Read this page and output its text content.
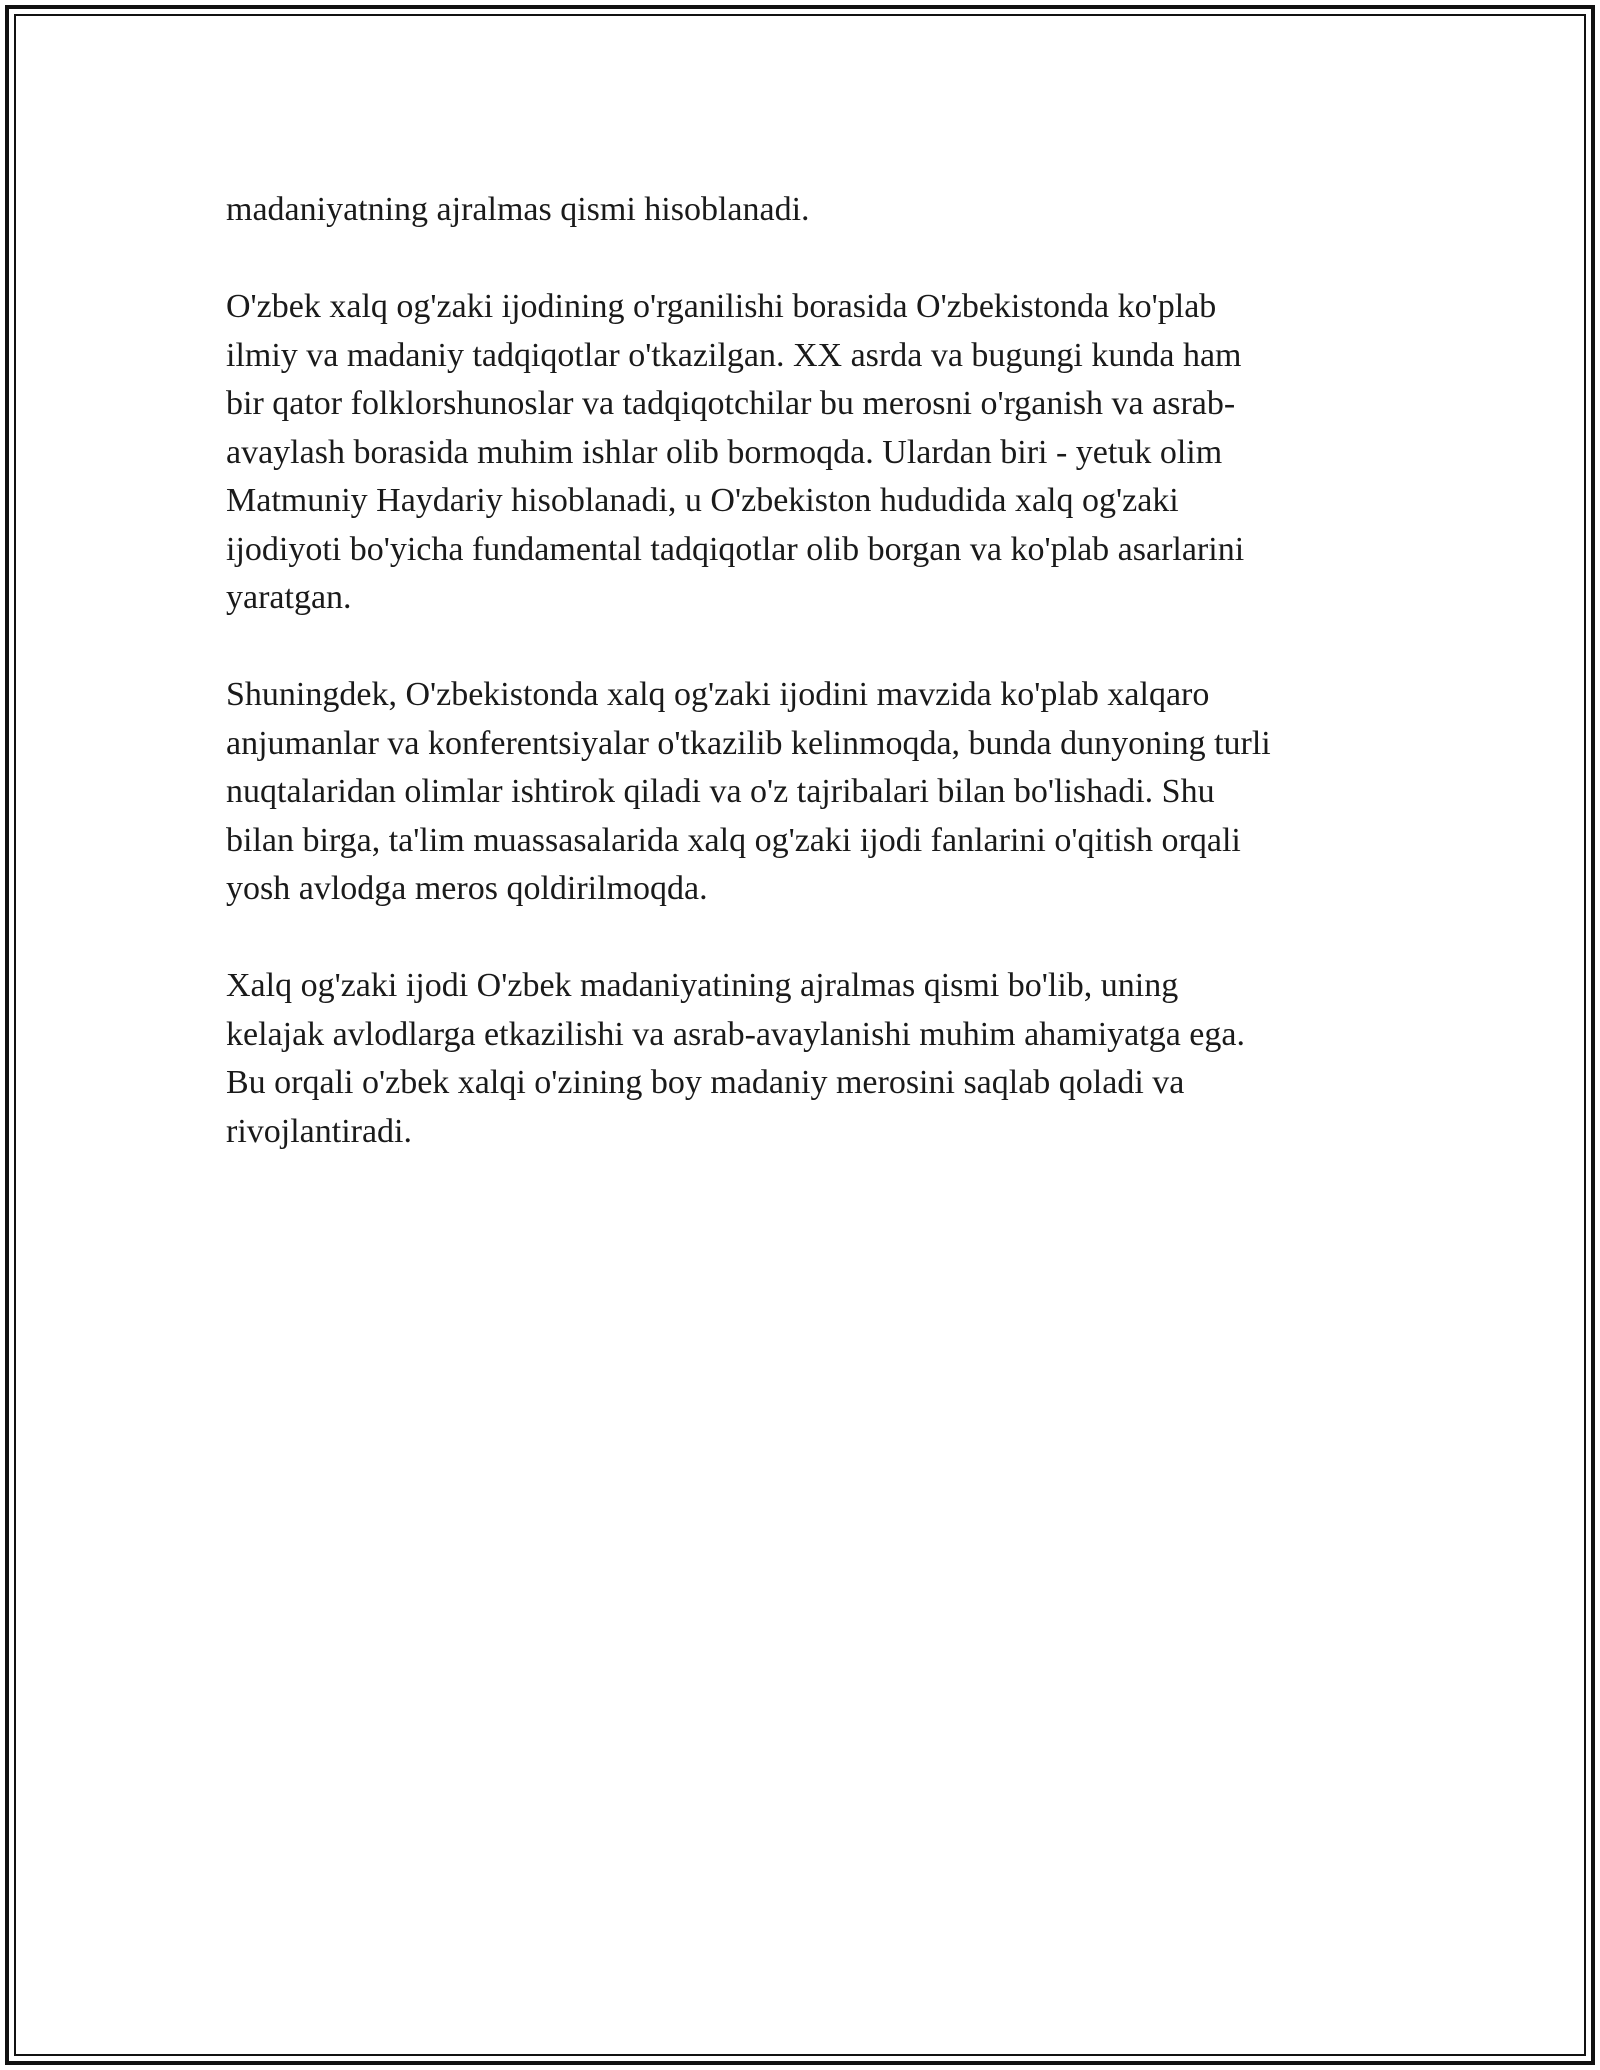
madaniyatning ajralmas qismi hisoblanadi.

O'zbek xalq og'zaki ijodining o'rganilishi borasida O'zbekistonda ko'plab
ilmiy va madaniy tadqiqotlar o'tkazilgan. XX asrda va bugungi kunda ham
bir qator folklorshunoslar va tadqiqotchilar bu merosni o'rganish va asrab-
avaylash borasida muhim ishlar olib bormoqda. Ulardan biri - yetuk olim
Matmuniy Haydariy hisoblanadi, u O'zbekiston hududida xalq og'zaki
ijodiyoti bo'yicha fundamental tadqiqotlar olib borgan va ko'plab asarlarini
yaratgan.

Shuningdek, O'zbekistonda xalq og'zaki ijodini mavzida ko'plab xalqaro
anjumanlar va konferentsiyalar o'tkazilib kelinmoqda, bunda dunyoning turli
nuqtalaridan olimlar ishtirok qiladi va o'z tajribalari bilan bo'lishadi. Shu
bilan birga, ta'lim muassasalarida xalq og'zaki ijodi fanlarini o'qitish orqali
yosh avlodga meros qoldirilmoqda.

Xalq og'zaki ijodi O'zbek madaniyatining ajralmas qismi bo'lib, uning
kelajak avlodlarga etkazilishi va asrab-avaylanishi muhim ahamiyatga ega.
Bu orqali o'zbek xalqi o'zining boy madaniy merosini saqlab qoladi va
rivojlantiradi.
